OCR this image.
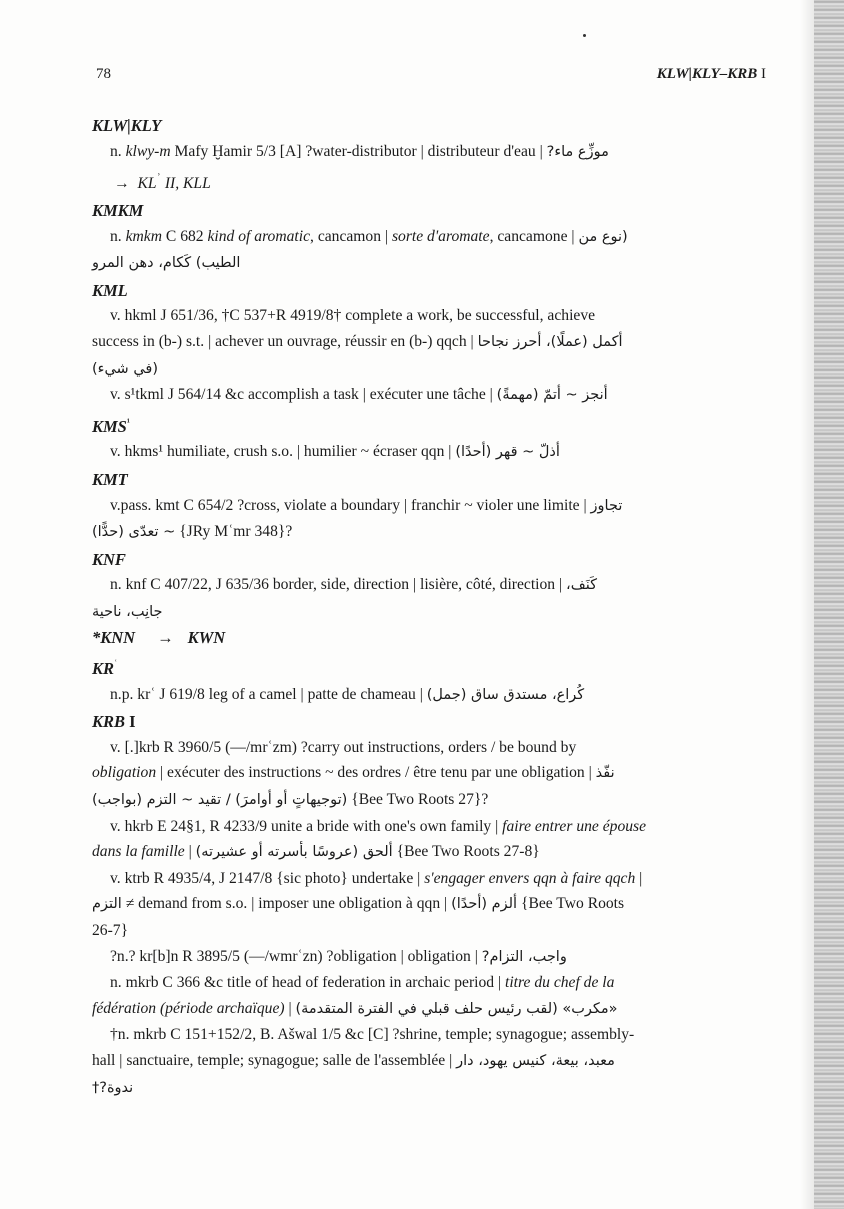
78	KLW|KLY–KRB I
KLW|KLY
n. klwy-m Mafy Ḫamir 5/3 [A] ?water-distributor | distributeur d'eau | موزِّع ماء?
→ $KL^ʾ$ II, KLL
KMKM
n. kmkm C 682 kind of aromatic, cancamon | sorte d'aromate, cancamone | (نوع من
الطيب) كَكام، دهن المرو
KML
v. hkml J 651/36, †C 537+R 4919/8† complete a work, be successful, achieve
success in (b-) s.t. | achever un ouvrage, réussir en (b-) qqch | أكمل (عملًا)، أحرز نجاحا
(في شيء)
v. s¹tkml J 564/14 &c accomplish a task | exécuter une tâche | أنجز ~ أتمّ (مهمةً)
$KMS^{^1}$
v. hkms¹ humiliate, crush s.o. | humilier ~ écraser qqn | أذلّ ~ قهر (أحدًا)
KMT
v.pass. kmt C 654/2 ?cross, violate a boundary | franchir ~ violer une limite | تجاوز
~ تعدّى (حدًّا) {JRy Mʿmr 348}?
KNF
n. knf C 407/22, J 635/36 border, side, direction | lisière, côté, direction | كَنَف،
جانِب، ناحية
*KNN → KWN
$KR^ʿ$
n.p. krʿ J 619/8 leg of a camel | patte de chameau | كُراع، مستدق ساق (جمل)
KRB I
v. [.]krb R 3960/5 (—/mrʿzm) ?carry out instructions, orders / be bound by
obligation | exécuter des instructions ~ des ordres / être tenu par une obligation | نفّذ
(توجيهاتٍ أو أوامرَ) / تقيد ~ التزم (بواجب) {Bee Two Roots 27}?
v. hkrb E 24§1, R 4233/9 unite a bride with one's own family | faire entrer une épouse
dans la famille | ألحق (عروسًا بأسرته أو عشيرته) {Bee Two Roots 27-8}
v. ktrb R 4935/4, J 2147/8 {sic photo} undertake | s'engager envers qqn à faire qqch |
التزم ≠ demand from s.o. | imposer une obligation à qqn | ألزم (أحدًا) {Bee Two Roots
26-7}
?n.? kr[b]n R 3895/5 (—/wmrʿzn) ?obligation | obligation | واجب، التزام?
n. mkrb C 366 &c title of head of federation in archaic period | titre du chef de la
fédération (période archaïque) | «مكرب» (لقب رئيس حلف قبلي في الفترة المتقدمة)
†n. mkrb C 151+152/2, B. Ašwal 1/5 &c [C] ?shrine, temple; synagogue; assembly-
hall | sanctuaire, temple; synagogue; salle de l'assemblée | معبد، بيعة، كنيس يهود، دار
ندوة?†
